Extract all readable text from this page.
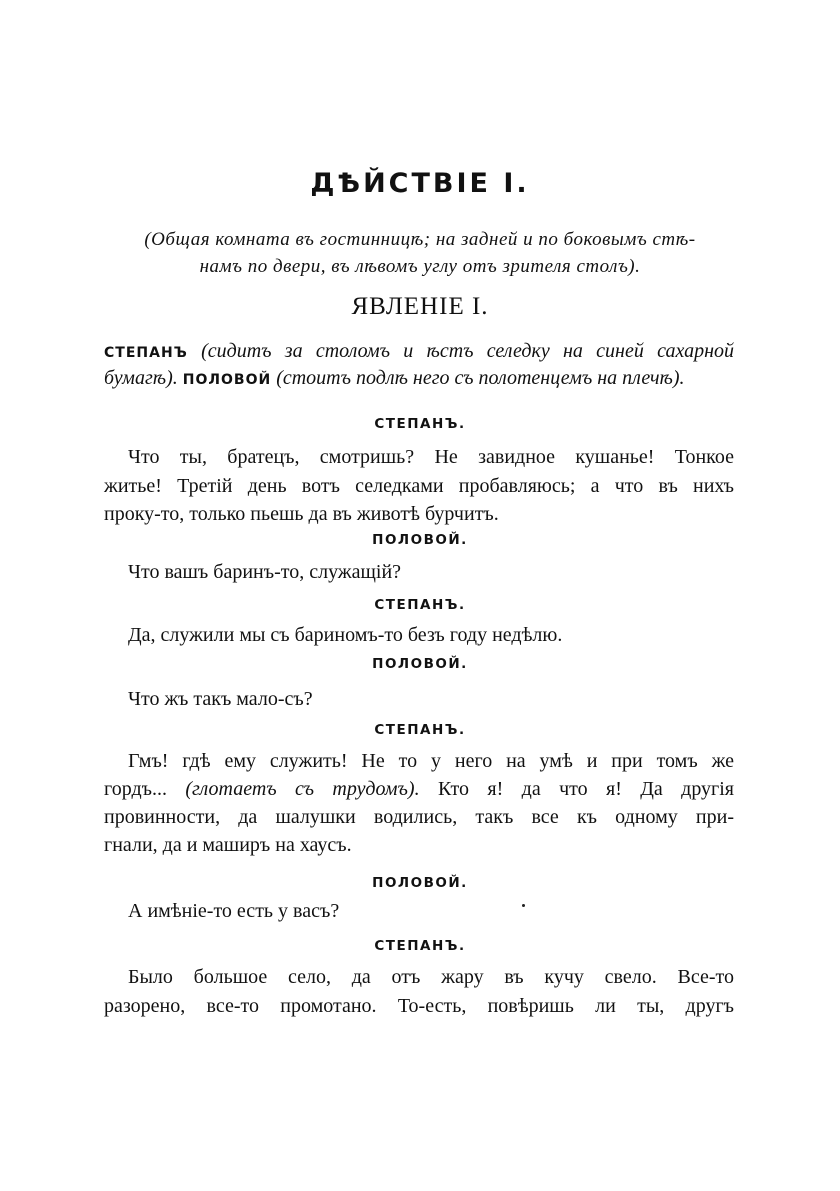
ДѢЙСТВІЕ I.
(Общая комната въ гостинницѣ; на задней и по боковымъ стѣ-
намъ по двери, въ лѣвомъ углу отъ зрителя столъ).
ЯВЛЕНІЕ I.
СТЕПАНЪ (сидитъ за столомъ и ѣстъ селедку на синей сахарной
бумагѣ). ПОЛОВОЙ (стоитъ подлѣ него съ полотенцемъ на плечѣ).
СТЕПАНЪ.
Что ты, братецъ, смотришь? Не завидное кушанье! Тонкое
житье! Третій день вотъ селедками пробавляюсь; а что въ нихъ
проку-то, только пьешь да въ животѣ бурчитъ.
ПОЛОВОЙ.
Что вашъ баринъ-то, служащій?
СТЕПАНЪ.
Да, служили мы съ бариномъ-то безъ году недѣлю.
ПОЛОВОЙ.
Что жъ такъ мало-съ?
СТЕПАНЪ.
Гмъ! гдѣ ему служить! Не то у него на умѣ и при томъ же
гордъ... (глотаетъ съ трудомъ). Кто я! да что я! Да другія
провинности, да шалушки водились, такъ все къ одному при-
гнали, да и маширъ на хаусъ.
ПОЛОВОЙ.
А имѣніе-то есть у васъ?
СТЕПАНЪ.
Было большое село, да отъ жару въ кучу свело. Все-то
разорено, все-то промотано. То-есть, повѣришь ли ты, другъ
